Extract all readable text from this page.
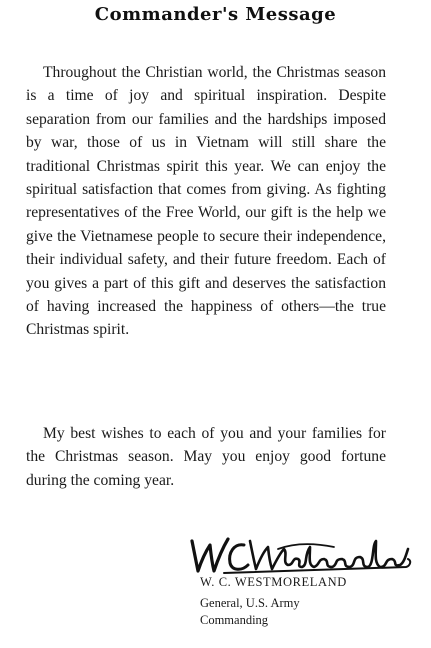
Commander's Message

Throughout the Christian world, the Christmas season is a time of joy and spiritual inspiration. Despite separation from our families and the hardships imposed by war, those of us in Vietnam will still share the traditional Christmas spirit this year. We can enjoy the spiritual satisfaction that comes from giving. As fighting representatives of the Free World, our gift is the help we give the Vietnamese people to secure their independence, their individual safety, and their future freedom. Each of you gives a part of this gift and deserves the satisfaction of having increased the happiness of others—the true Christmas spirit.

My best wishes to each of you and your families for the Christmas season. May you enjoy good fortune during the coming year.

W. C. WESTMORELAND
General, U.S. Army
Commanding
